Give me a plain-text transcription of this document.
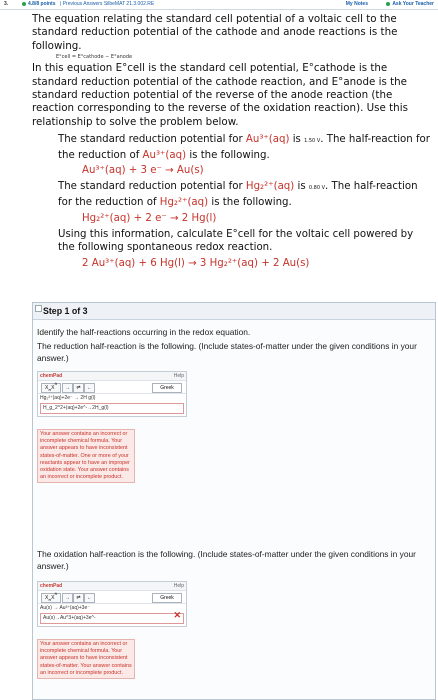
3.	4.8/8 points | Previous Answers SilbeMAT 21.3.002.RE	My Notes	Ask Your Teacher

The equation relating the standard cell potential of a voltaic cell to the standard reduction potential of the cathode and anode reactions is the following.

E°cell = E°cathode − E°anode

In this equation E°cell is the standard cell potential, E°cathode is the standard reduction potential of the cathode reaction, and E°anode is the standard reduction potential of the reverse of the anode reaction (the reaction corresponding to the reverse of the oxidation reaction). Use this relationship to solve the problem below.

The standard reduction potential for Au³⁺(aq) is 1.50 V. The half-reaction for the reduction of Au³⁺(aq) is the following.

Au³⁺(aq) + 3 e⁻ → Au(s)

The standard reduction potential for Hg₂²⁺(aq) is 0.80 V. The half-reaction for the reduction of Hg₂²⁺(aq) is the following.

Hg₂²⁺(aq) + 2 e⁻ → 2 Hg(l)

Using this information, calculate E°cell for the voltaic cell powered by the following spontaneous redox reaction.

2 Au³⁺(aq) + 6 Hg(l) → 3 Hg₂²⁺(aq) + 2 Au(s)
Step 1 of 3
Identify the half-reactions occurring in the redox equation.
The reduction half-reaction is the following. (Include states-of-matter under the given conditions in your answer.)
chemPad	Help
$X_{_n}X^{^n}$	→	⇌	←	Greek
Hg₂²⁺(aq)+2e⁻ → 2H g(l)
H_g_2^2+(aq)+2e^-→2H_g(l)
Your answer contains an incorrect or incomplete chemical formula. Your answer appears to have inconsistent states-of-matter. One or more of your reactants appear to have an improper oxidation state. Your answer contains an incorrect or incomplete product.
The oxidation half-reaction is the following. (Include states-of-matter under the given conditions in your answer.)
chemPad	Help
$X_{_n}X^{^n}$	→	⇌	←	Greek
Au(s) → Au³⁺(aq)+3e⁻
Au(s)→Au^3+(aq)+3e^-	✕
Your answer contains an incorrect or incomplete chemical formula. Your answer appears to have inconsistent states-of-matter. Your answer contains an incorrect or incomplete product.
